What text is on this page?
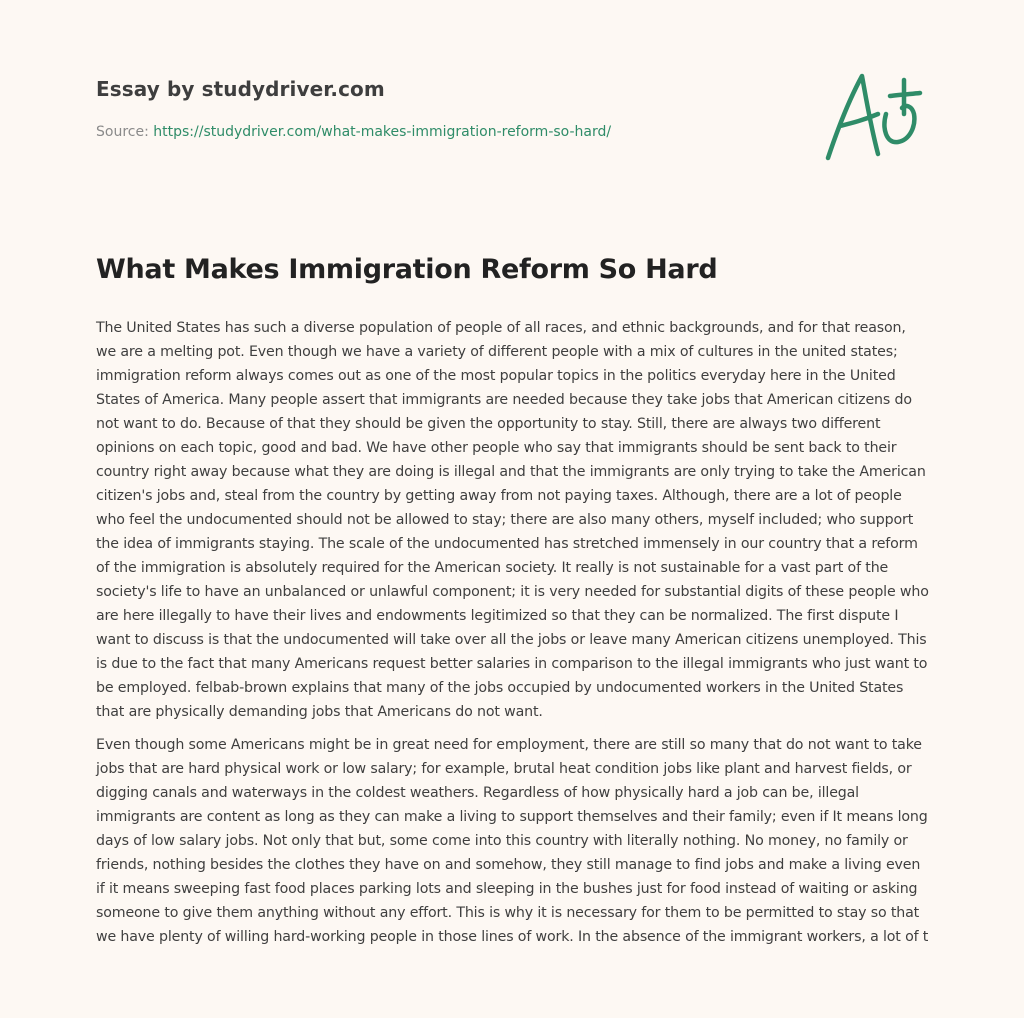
Essay by studydriver.com
Source: https://studydriver.com/what-makes-immigration-reform-so-hard/
What Makes Immigration Reform So Hard

The United States has such a diverse population of people of all races, and ethnic backgrounds, and for that reason, we are a melting pot. Even though we have a variety of different people with a mix of cultures in the united states; immigration reform always comes out as one of the most popular topics in the politics everyday here in the United States of America. Many people assert that immigrants are needed because they take jobs that American citizens do not want to do. Because of that they should be given the opportunity to stay. Still, there are always two different opinions on each topic, good and bad. We have other people who say that immigrants should be sent back to their country right away because what they are doing is illegal and that the immigrants are only trying to take the American citizen's jobs and, steal from the country by getting away from not paying taxes. Although, there are a lot of people who feel the undocumented should not be allowed to stay; there are also many others, myself included; who support the idea of immigrants staying. The scale of the undocumented has stretched immensely in our country that a reform of the immigration is absolutely required for the American society. It really is not sustainable for a vast part of the society's life to have an unbalanced or unlawful component; it is very needed for substantial digits of these people who are here illegally to have their lives and endowments legitimized so that they can be normalized. The first dispute I want to discuss is that the undocumented will take over all the jobs or leave many American citizens unemployed. This is due to the fact that many Americans request better salaries in comparison to the illegal immigrants who just want to be employed. felbab-brown explains that many of the jobs occupied by undocumented workers in the United States that are physically demanding jobs that Americans do not want.

Even though some Americans might be in great need for employment, there are still so many that do not want to take jobs that are hard physical work or low salary; for example, brutal heat condition jobs like plant and harvest fields, or digging canals and waterways in the coldest weathers. Regardless of how physically hard a job can be, illegal immigrants are content as long as they can make a living to support themselves and their family; even if It means long days of low salary jobs. Not only that but, some come into this country with literally nothing. No money, no family or friends, nothing besides the clothes they have on and somehow, they still manage to find jobs and make a living even if it means sweeping fast food places parking lots and sleeping in the bushes just for food instead of waiting or asking someone to give them anything without any effort. This is why it is necessary for them to be permitted to stay so that we have plenty of willing hard-working people in those lines of work. In the absence of the immigrant workers, a lot of t
